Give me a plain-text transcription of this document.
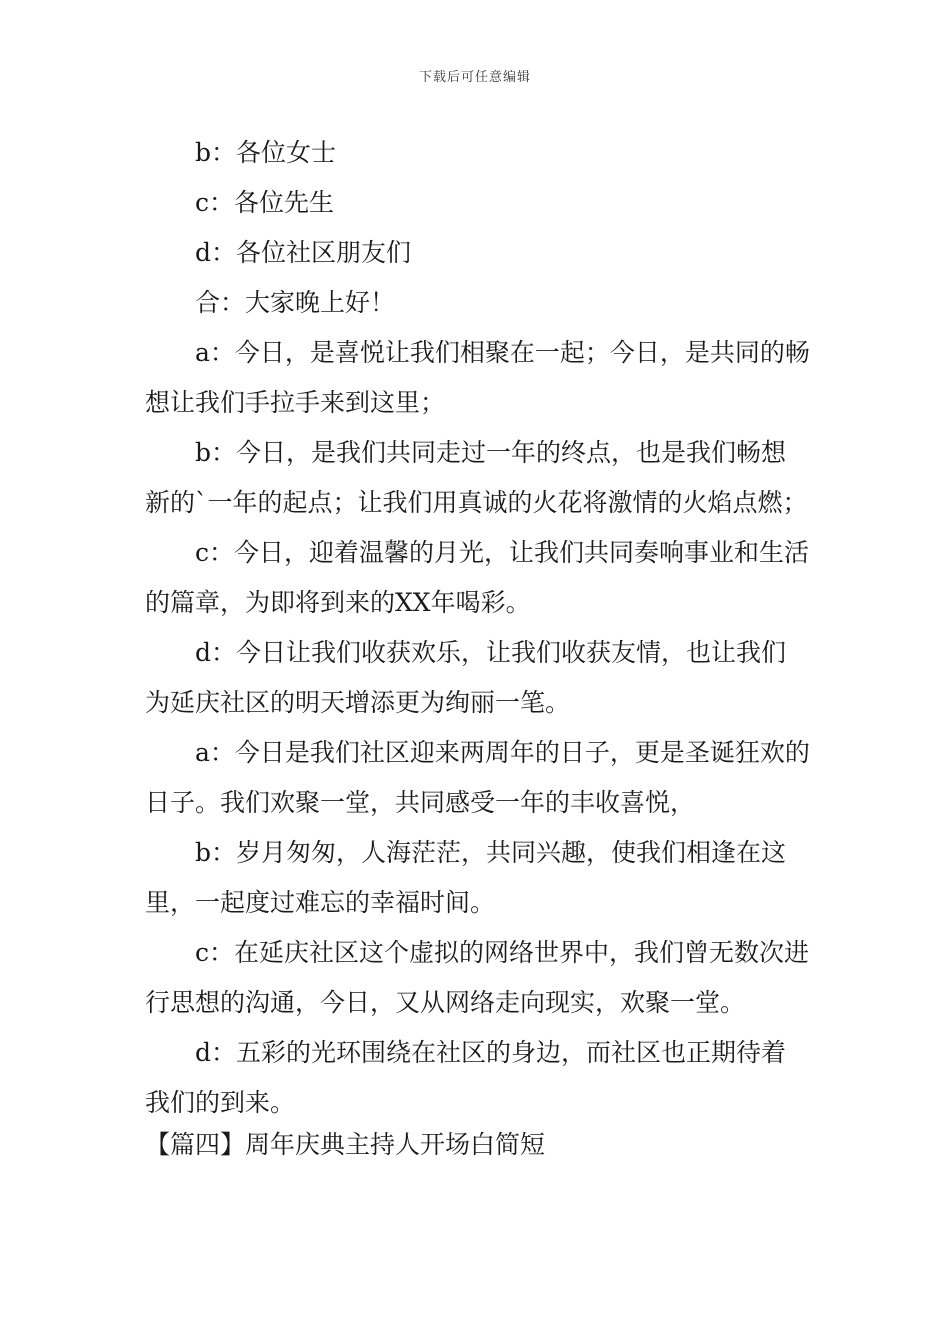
下载后可任意编辑

b：各位女士

c：各位先生

d：各位社区朋友们

合：大家晚上好！

a：今日，是喜悦让我们相聚在一起；今日，是共同的畅想让我们手拉手来到这里；

b：今日，是我们共同走过一年的终点，也是我们畅想新的`一年的起点；让我们用真诚的火花将激情的火焰点燃；

c：今日，迎着温馨的月光，让我们共同奏响事业和生活的篇章，为即将到来的XX年喝彩。

d：今日让我们收获欢乐，让我们收获友情，也让我们为延庆社区的明天增添更为绚丽一笔。

a：今日是我们社区迎来两周年的日子，更是圣诞狂欢的日子。我们欢聚一堂，共同感受一年的丰收喜悦，

b：岁月匆匆，人海茫茫，共同兴趣，使我们相逢在这里，一起度过难忘的幸福时间。

c：在延庆社区这个虚拟的网络世界中，我们曾无数次进行思想的沟通，今日，又从网络走向现实，欢聚一堂。

d：五彩的光环围绕在社区的身边，而社区也正期待着我们的到来。

【篇四】周年庆典主持人开场白简短
